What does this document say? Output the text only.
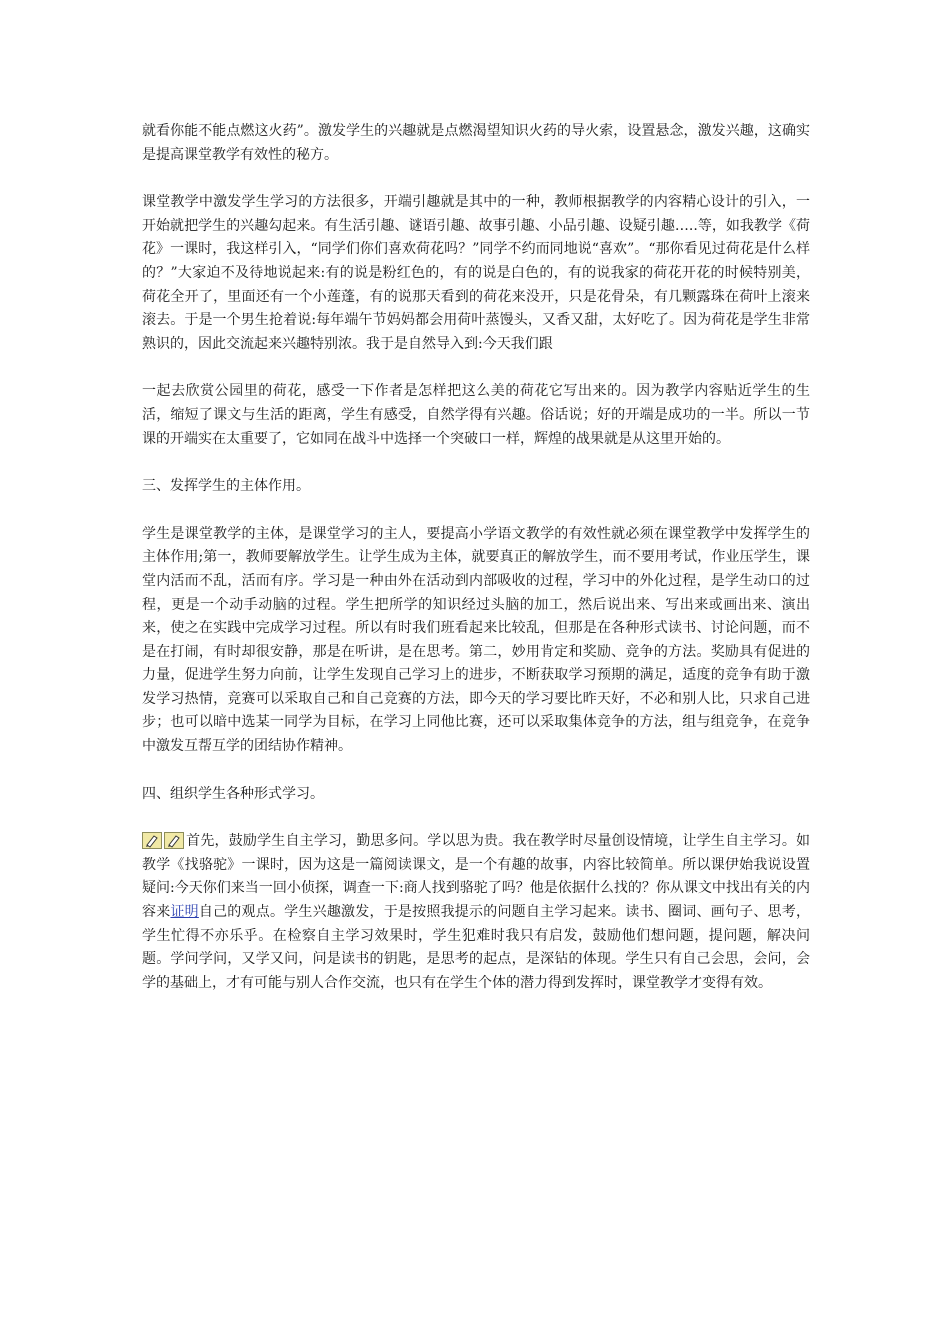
就看你能不能点燃这火药”。激发学生的兴趣就是点燃渴望知识火药的导火索，设置悬念，激发兴趣，这确实是提高课堂教学有效性的秘方。

课堂教学中激发学生学习的方法很多，开端引趣就是其中的一种，教师根据教学的内容精心设计的引入，一开始就把学生的兴趣勾起来。有生活引趣、谜语引趣、故事引趣、小品引趣、设疑引趣…..等，如我教学《荷花》一课时，我这样引入，“同学们你们喜欢荷花吗？”同学不约而同地说“喜欢”。“那你看见过荷花是什么样的？”大家迫不及待地说起来:有的说是粉红色的，有的说是白色的，有的说我家的荷花开花的时候特别美，荷花全开了，里面还有一个小莲蓬，有的说那天看到的荷花来没开，只是花骨朵，有几颗露珠在荷叶上滚来滚去。于是一个男生抢着说:每年端午节妈妈都会用荷叶蒸馒头，又香又甜，太好吃了。因为荷花是学生非常熟识的，因此交流起来兴趣特别浓。我于是自然导入到:今天我们跟

一起去欣赏公园里的荷花，感受一下作者是怎样把这么美的荷花它写出来的。因为教学内容贴近学生的生活，缩短了课文与生活的距离，学生有感受，自然学得有兴趣。俗话说；好的开端是成功的一半。所以一节课的开端实在太重要了，它如同在战斗中选择一个突破口一样，辉煌的战果就是从这里开始的。

三、发挥学生的主体作用。

学生是课堂教学的主体，是课堂学习的主人，要提高小学语文教学的有效性就必须在课堂教学中发挥学生的主体作用;第一，教师要解放学生。让学生成为主体，就要真正的解放学生，而不要用考试，作业压学生，课堂内活而不乱，活而有序。学习是一种由外在活动到内部吸收的过程，学习中的外化过程，是学生动口的过程，更是一个动手动脑的过程。学生把所学的知识经过头脑的加工，然后说出来、写出来或画出来、演出来，使之在实践中完成学习过程。所以有时我们班看起来比较乱，但那是在各种形式读书、讨论问题，而不是在打闹，有时却很安静，那是在听讲，是在思考。第二，妙用肯定和奖励、竞争的方法。奖励具有促进的力量，促进学生努力向前，让学生发现自己学习上的进步，不断获取学习预期的满足，适度的竞争有助于激发学习热情，竞赛可以采取自己和自己竞赛的方法，即今天的学习要比昨天好，不必和别人比，只求自己进步；也可以暗中选某一同学为目标，在学习上同他比赛，还可以采取集体竞争的方法，组与组竞争，在竞争中激发互帮互学的团结协作精神。

四、组织学生各种形式学习。

首先，鼓励学生自主学习，勤思多问。学以思为贵。我在教学时尽量创设情境，让学生自主学习。如教学《找骆驼》一课时，因为这是一篇阅读课文，是一个有趣的故事，内容比较简单。所以课伊始我说设置疑问:今天你们来当一回小侦探，调查一下:商人找到骆驼了吗？他是依据什么找的？你从课文中找出有关的内容来证明自己的观点。学生兴趣激发，于是按照我提示的问题自主学习起来。读书、圈词、画句子、思考，学生忙得不亦乐乎。在检察自主学习效果时，学生犯难时我只有启发，鼓励他们想问题，提问题，解决问题。学问学问，又学又问，问是读书的钥匙，是思考的起点，是深钻的体现。学生只有自己会思，会问，会学的基础上，才有可能与别人合作交流，也只有在学生个体的潜力得到发挥时，课堂教学才变得有效。
